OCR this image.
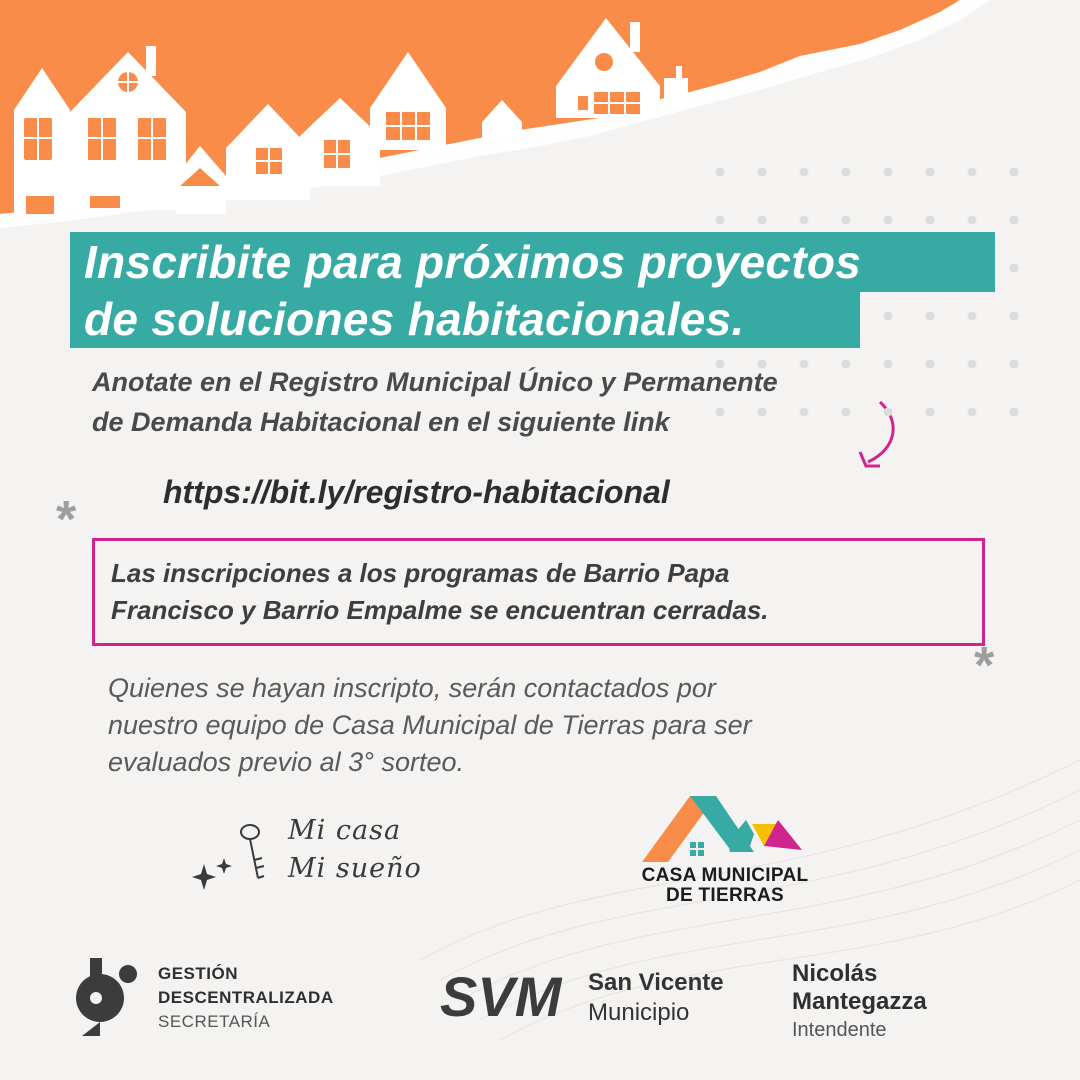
Inscribite para próximos proyectos
de soluciones habitacionales.
Anotate en el Registro Municipal Único y Permanente
de Demanda Habitacional en el siguiente link
https://bit.ly/registro-habitacional
*
Las inscripciones a los programas de Barrio Papa
Francisco y Barrio Empalme se encuentran cerradas.
*
Quienes se hayan inscripto, serán contactados por
nuestro equipo de Casa Municipal de Tierras para ser
evaluados previo al 3° sorteo.
Mi casa
Mi sueño	CASA MUNICIPAL
DE TIERRAS
GESTIÓN
DESCENTRALIZADA
SECRETARÍA	SVM San Vicente
Municipio
Nicolás
Mantegazza
Intendente
